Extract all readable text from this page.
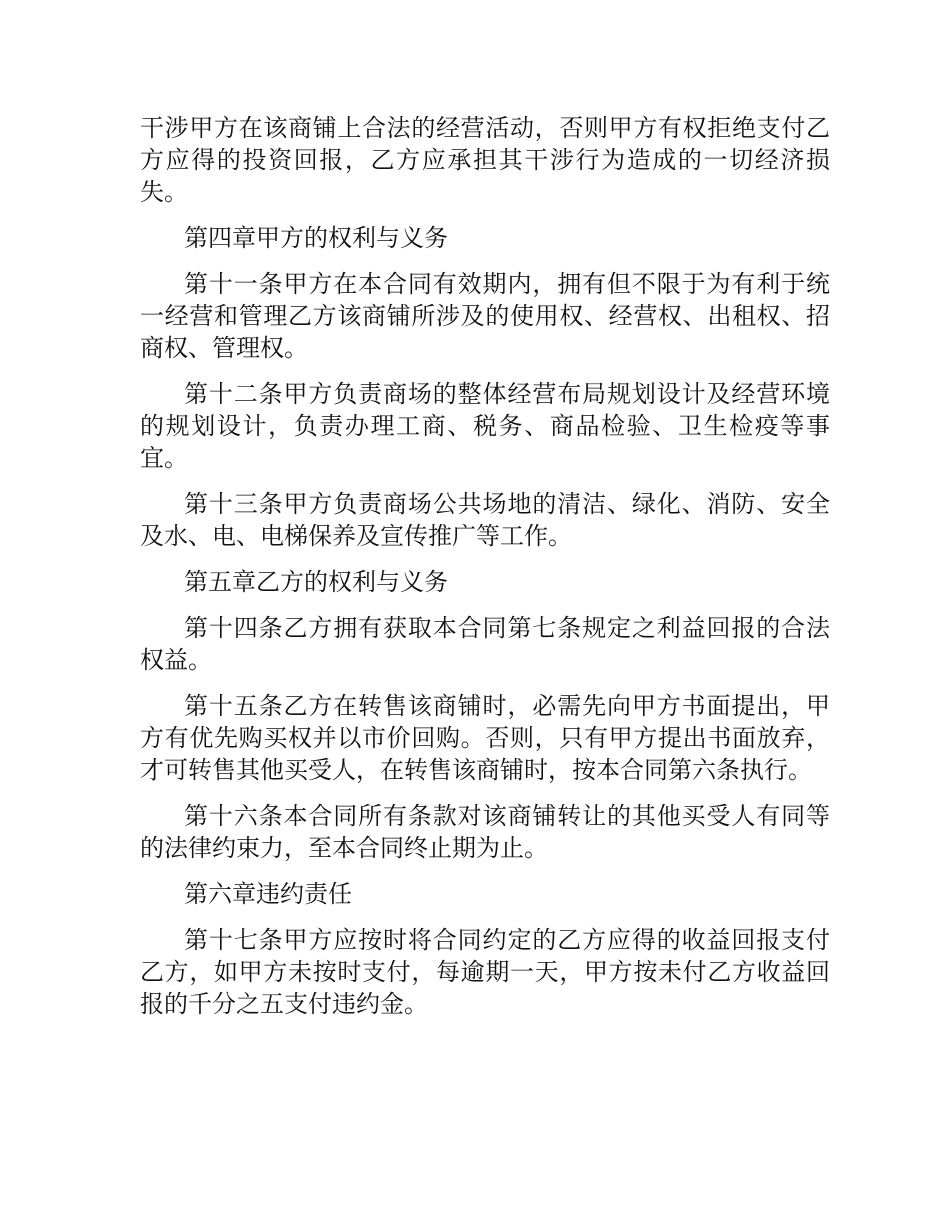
干涉甲方在该商铺上合法的经营活动，否则甲方有权拒绝支付乙方应得的投资回报，乙方应承担其干涉行为造成的一切经济损失。

第四章甲方的权利与义务

第十一条甲方在本合同有效期内，拥有但不限于为有利于统一经营和管理乙方该商铺所涉及的使用权、经营权、出租权、招商权、管理权。

第十二条甲方负责商场的整体经营布局规划设计及经营环境的规划设计，负责办理工商、税务、商品检验、卫生检疫等事宜。

第十三条甲方负责商场公共场地的清洁、绿化、消防、安全及水、电、电梯保养及宣传推广等工作。

第五章乙方的权利与义务

第十四条乙方拥有获取本合同第七条规定之利益回报的合法权益。

第十五条乙方在转售该商铺时，必需先向甲方书面提出，甲方有优先购买权并以市价回购。否则，只有甲方提出书面放弃，才可转售其他买受人，在转售该商铺时，按本合同第六条执行。

第十六条本合同所有条款对该商铺转让的其他买受人有同等的法律约束力，至本合同终止期为止。

第六章违约责任

第十七条甲方应按时将合同约定的乙方应得的收益回报支付乙方，如甲方未按时支付，每逾期一天，甲方按未付乙方收益回报的千分之五支付违约金。
